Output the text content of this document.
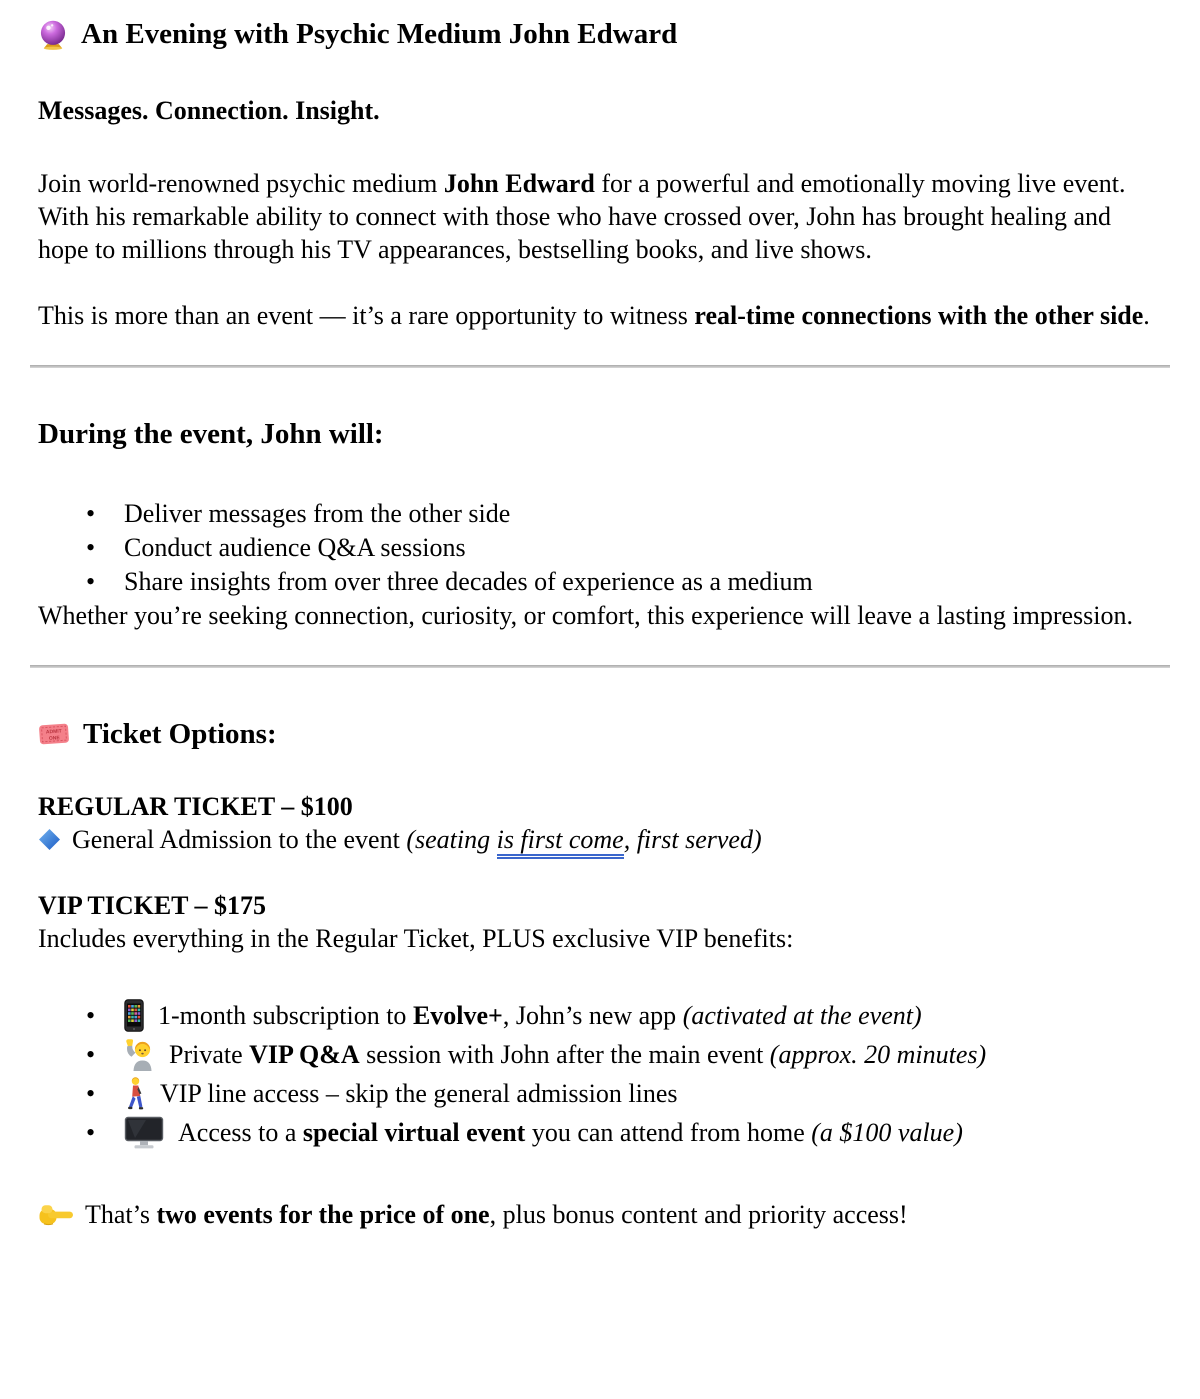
An Evening with Psychic Medium John Edward

Messages. Connection. Insight.

Join world-renowned psychic medium John Edward for a powerful and emotionally moving live event. With his remarkable ability to connect with those who have crossed over, John has brought healing and hope to millions through his TV appearances, bestselling books, and live shows.

This is more than an event — it’s a rare opportunity to witness real-time connections with the other side.

During the event, John will:
• Deliver messages from the other side
• Conduct audience Q&A sessions
• Share insights from over three decades of experience as a medium

Whether you’re seeking connection, curiosity, or comfort, this experience will leave a lasting impression.

ADMIT
ONE Ticket Options:

REGULAR TICKET – $100

General Admission to the event (seating is first come, first served)

VIP TICKET – $175

Includes everything in the Regular Ticket, PLUS exclusive VIP benefits:

• 1-month subscription to Evolve+, John’s new app (activated at the event)
• Private VIP Q&A session with John after the main event (approx. 20 minutes)
• VIP line access – skip the general admission lines
• Access to a special virtual event you can attend from home (a $100 value)

That’s two events for the price of one, plus bonus content and priority access!
